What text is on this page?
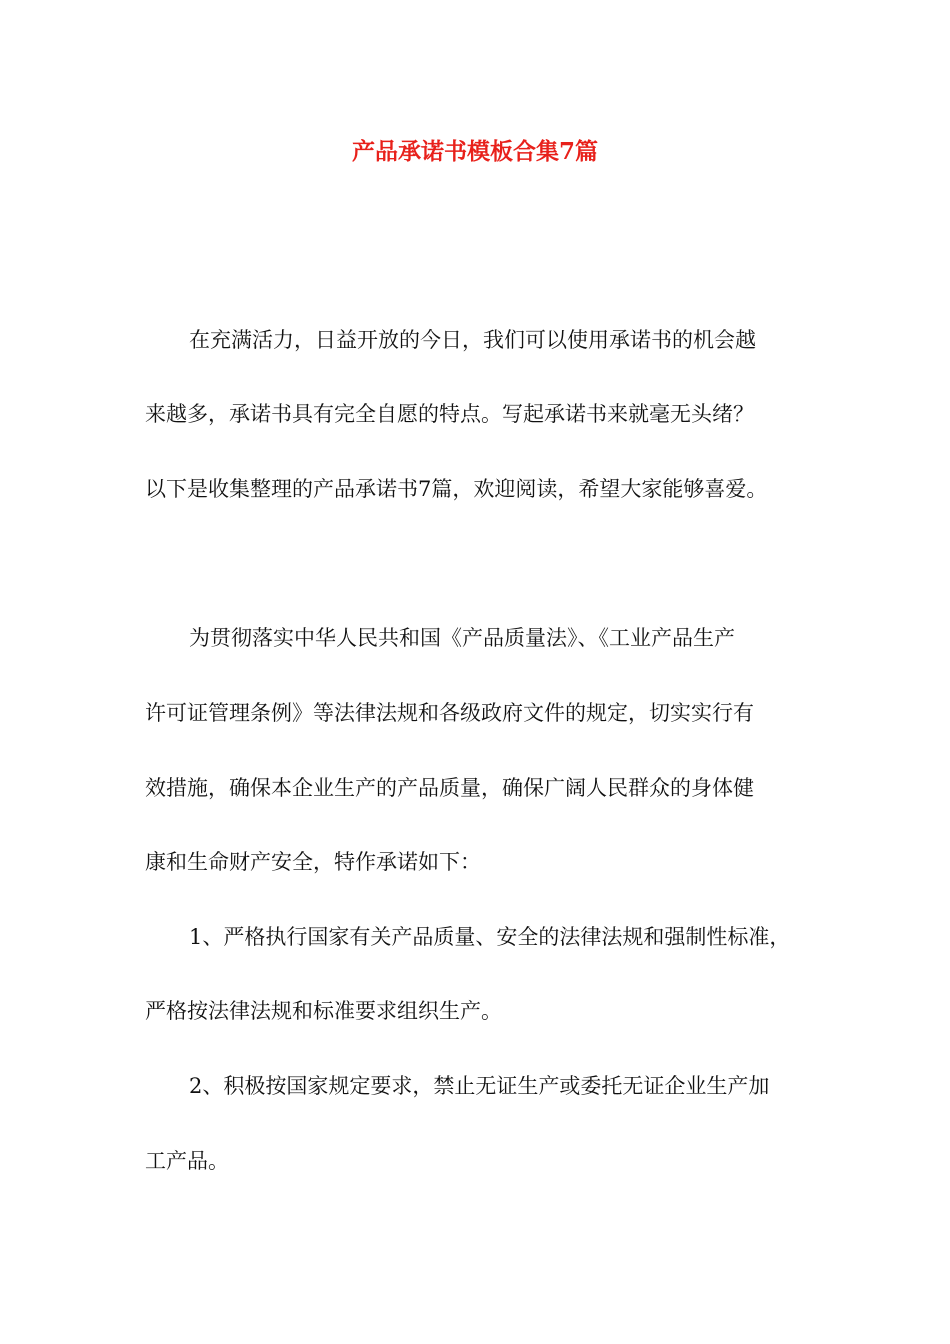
产品承诺书模板合集7篇

在充满活力，日益开放的今日，我们可以使用承诺书的机会越

来越多，承诺书具有完全自愿的特点。写起承诺书来就毫无头绪？

以下是收集整理的产品承诺书7篇，欢迎阅读，希望大家能够喜爱。

为贯彻落实中华人民共和国《产品质量法》、《工业产品生产

许可证管理条例》等法律法规和各级政府文件的规定，切实实行有

效措施，确保本企业生产的产品质量，确保广阔人民群众的身体健

康和生命财产安全，特作承诺如下：

1、严格执行国家有关产品质量、安全的法律法规和强制性标准，

严格按法律法规和标准要求组织生产。

2、积极按国家规定要求，禁止无证生产或委托无证企业生产加

工产品。
